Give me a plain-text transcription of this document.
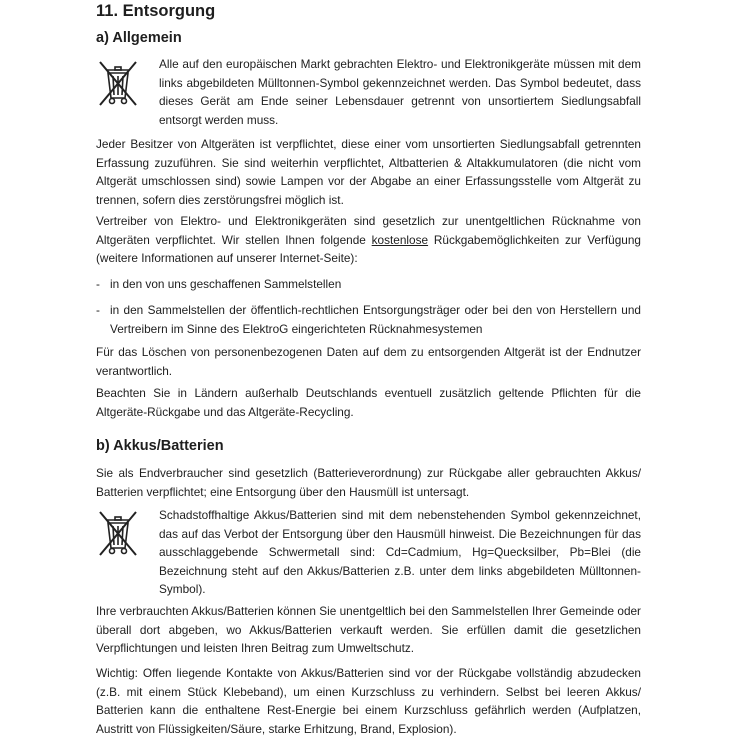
11. Entsorgung
a) Allgemein
Alle auf den europäischen Markt gebrachten Elektro- und Elektronikgeräte müssen mit dem links abgebildeten Mülltonnen-Symbol gekennzeichnet werden. Das Symbol bedeutet, dass dieses Gerät am Ende seiner Lebensdauer getrennt von unsortiertem Siedlungsabfall entsorgt werden muss.
Jeder Besitzer von Altgeräten ist verpflichtet, diese einer vom unsortierten Siedlungsabfall getrennten Erfassung zuzuführen. Sie sind weiterhin verpflichtet, Altbatterien & Altakkumulatoren (die nicht vom Altgerät umschlossen sind) sowie Lampen vor der Abgabe an einer Erfassungsstelle vom Altgerät zu trennen, sofern dies zerstörungsfrei möglich ist.
Vertreiber von Elektro- und Elektronikgeräten sind gesetzlich zur unentgeltlichen Rücknahme von Altgeräten verpflichtet. Wir stellen Ihnen folgende kostenlose Rückgabemöglichkeiten zur Verfügung (weitere Informationen auf unserer Internet-Seite):
- in den von uns geschaffenen Sammelstellen
- in den Sammelstellen der öffentlich-rechtlichen Entsorgungsträger oder bei den von Herstellern und Vertreibern im Sinne des ElektroG eingerichteten Rücknahmesystemen
Für das Löschen von personenbezogenen Daten auf dem zu entsorgenden Altgerät ist der Endnutzer verantwortlich.
Beachten Sie in Ländern außerhalb Deutschlands eventuell zusätzlich geltende Pflichten für die Altgeräte-Rückgabe und das Altgeräte-Recycling.
b) Akkus/Batterien
Sie als Endverbraucher sind gesetzlich (Batterieverordnung) zur Rückgabe aller gebrauchten Akkus/ Batterien verpflichtet; eine Entsorgung über den Hausmüll ist untersagt.
Schadstoffhaltige Akkus/Batterien sind mit dem nebenstehenden Symbol gekennzeichnet, das auf das Verbot der Entsorgung über den Hausmüll hinweist. Die Bezeichnungen für das ausschlaggebende Schwermetall sind: Cd=Cadmium, Hg=Quecksilber, Pb=Blei (die Bezeichnung steht auf den Akkus/Batterien z.B. unter dem links abgebildeten Mülltonnen-Symbol).
Ihre verbrauchten Akkus/Batterien können Sie unentgeltlich bei den Sammelstellen Ihrer Gemeinde oder überall dort abgeben, wo Akkus/Batterien verkauft werden. Sie erfüllen damit die gesetzlichen Verpflichtungen und leisten Ihren Beitrag zum Umweltschutz.
Wichtig: Offen liegende Kontakte von Akkus/Batterien sind vor der Rückgabe vollständig abzudecken (z.B. mit einem Stück Klebeband), um einen Kurzschluss zu verhindern. Selbst bei leeren Akkus/ Batterien kann die enthaltene Rest-Energie bei einem Kurzschluss gefährlich werden (Aufplatzen, Austritt von Flüssigkeiten/Säure, starke Erhitzung, Brand, Explosion).
